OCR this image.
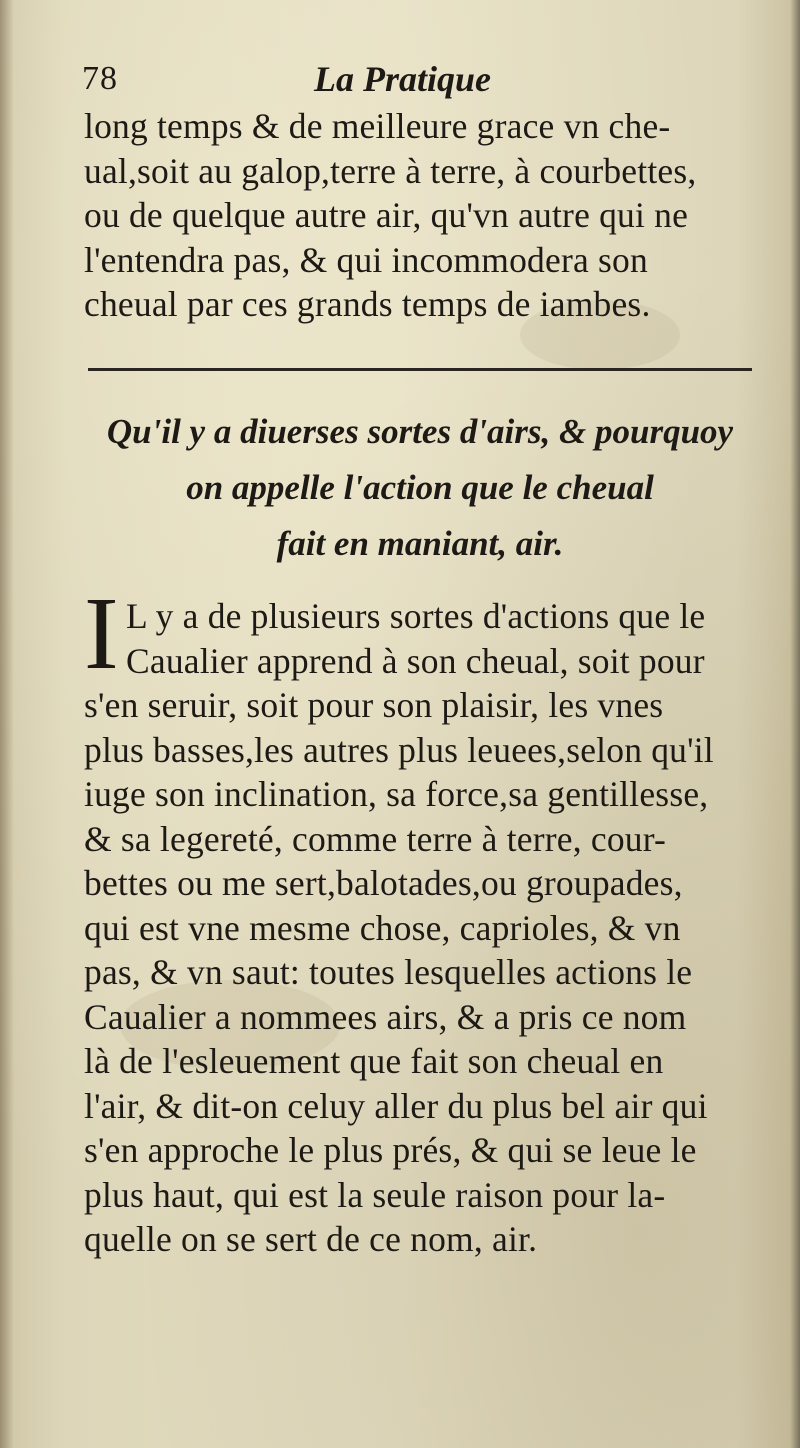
78	La Pratique
long temps & de meilleure grace vn che-
ual,soit au galop,terre à terre, à courbettes,
ou de quelque autre air, qu'vn autre qui ne
l'entendra pas, & qui incommodera son
cheual par ces grands temps de iambes.
Qu'il y a diuerses sortes d'airs, & pourquoy
on appelle l'action que le cheual
fait en maniant, air.
I L y a de plusieurs sortes d'actions que le
Caualier apprend à son cheual, soit pour
s'en seruir, soit pour son plaisir, les vnes
plus basses,les autres plus leuees,selon qu'il
iuge son inclination, sa force,sa gentillesse,
& sa legereté, comme terre à terre, cour-
bettes ou me sert,balotades,ou groupades,
qui est vne mesme chose, caprioles, & vn
pas, & vn saut: toutes lesquelles actions le
Caualier a nommees airs, & a pris ce nom
là de l'esleuement que fait son cheual en
l'air, & dit-on celuy aller du plus bel air qui
s'en approche le plus prés, & qui se leue le
plus haut, qui est la seule raison pour la-
quelle on se sert de ce nom, air.
